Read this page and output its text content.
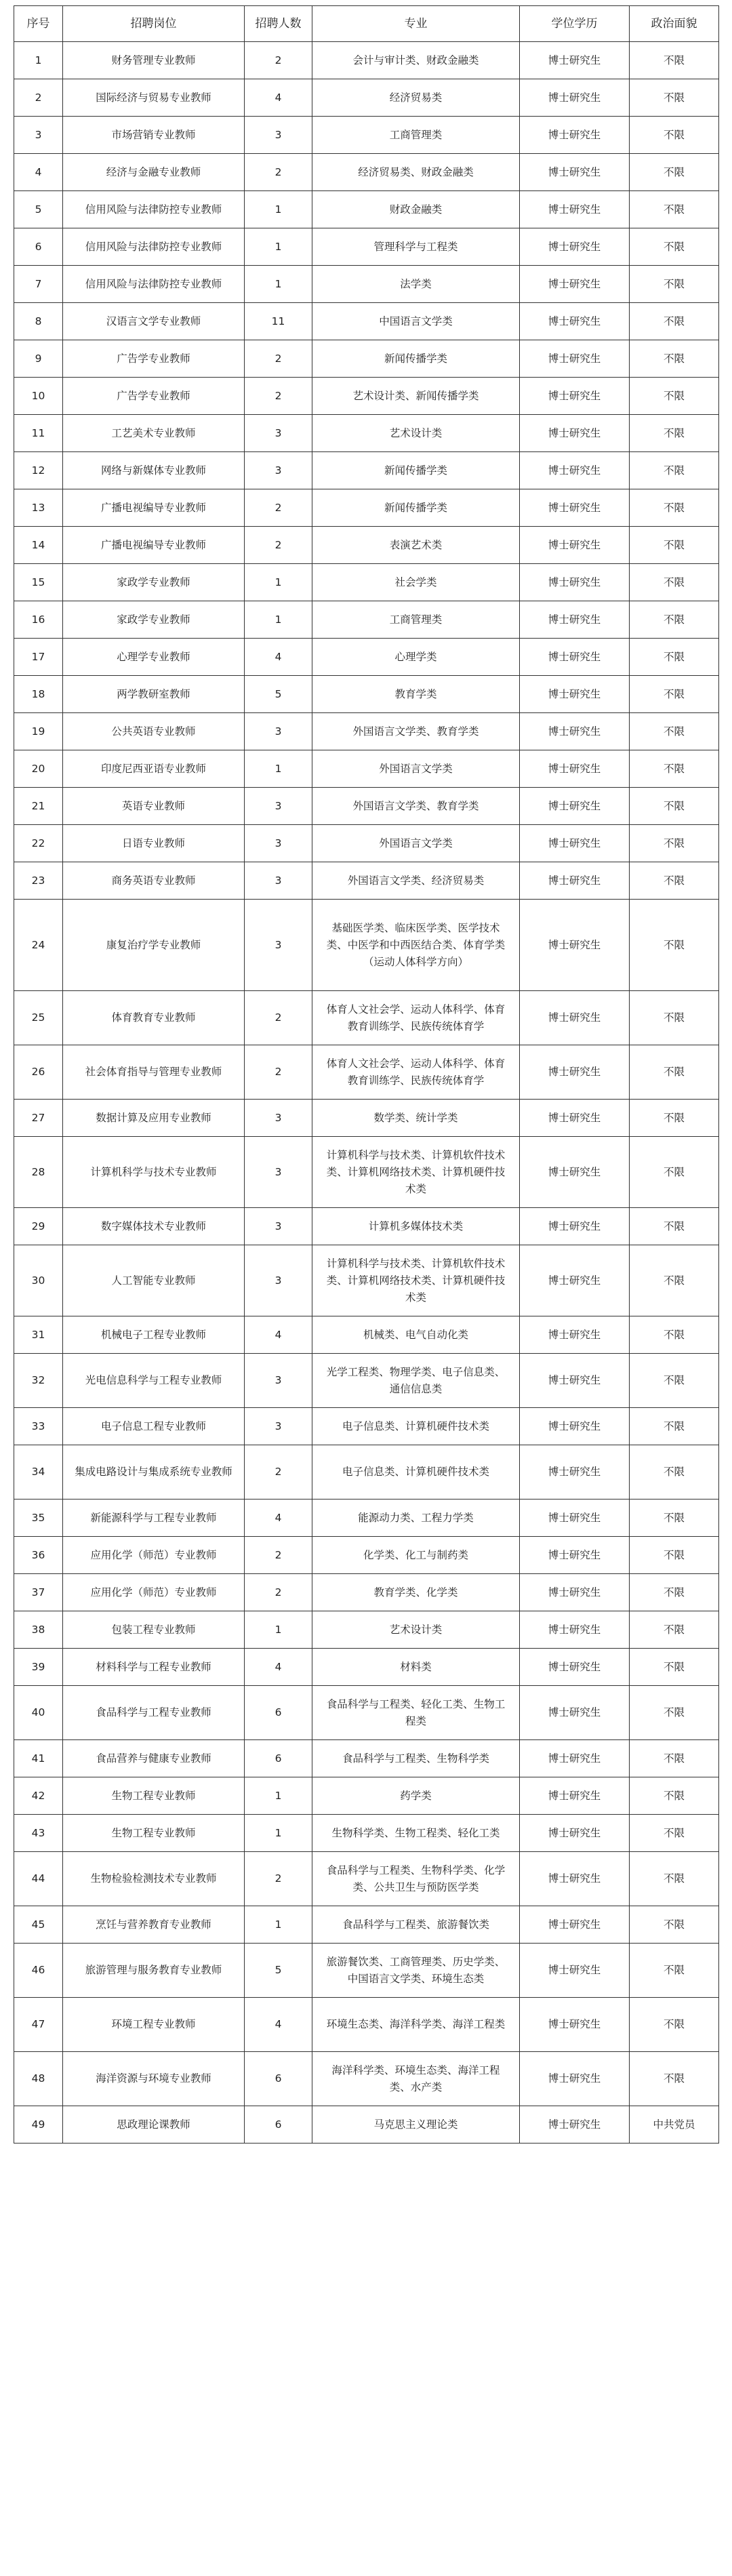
序号	招聘岗位	招聘人数	专业	学位学历	政治面貌
1	财务管理专业教师	2	会计与审计类、财政金融类	博士研究生	不限
2	国际经济与贸易专业教师	4	经济贸易类	博士研究生	不限
3	市场营销专业教师	3	工商管理类	博士研究生	不限
4	经济与金融专业教师	2	经济贸易类、财政金融类	博士研究生	不限
5	信用风险与法律防控专业教师	1	财政金融类	博士研究生	不限
6	信用风险与法律防控专业教师	1	管理科学与工程类	博士研究生	不限
7	信用风险与法律防控专业教师	1	法学类	博士研究生	不限
8	汉语言文学专业教师	11	中国语言文学类	博士研究生	不限
9	广告学专业教师	2	新闻传播学类	博士研究生	不限
10	广告学专业教师	2	艺术设计类、新闻传播学类	博士研究生	不限
11	工艺美术专业教师	3	艺术设计类	博士研究生	不限
12	网络与新媒体专业教师	3	新闻传播学类	博士研究生	不限
13	广播电视编导专业教师	2	新闻传播学类	博士研究生	不限
14	广播电视编导专业教师	2	表演艺术类	博士研究生	不限
15	家政学专业教师	1	社会学类	博士研究生	不限
16	家政学专业教师	1	工商管理类	博士研究生	不限
17	心理学专业教师	4	心理学类	博士研究生	不限
18	两学教研室教师	5	教育学类	博士研究生	不限
19	公共英语专业教师	3	外国语言文学类、教育学类	博士研究生	不限
20	印度尼西亚语专业教师	1	外国语言文学类	博士研究生	不限
21	英语专业教师	3	外国语言文学类、教育学类	博士研究生	不限
22	日语专业教师	3	外国语言文学类	博士研究生	不限
23	商务英语专业教师	3	外国语言文学类、经济贸易类	博士研究生	不限
24	康复治疗学专业教师	3	基础医学类、临床医学类、医学技术类、中医学和中西医结合类、体育学类（运动人体科学方向）	博士研究生	不限
25	体育教育专业教师	2	体育人文社会学、运动人体科学、体育教育训练学、民族传统体育学	博士研究生	不限
26	社会体育指导与管理专业教师	2	体育人文社会学、运动人体科学、体育教育训练学、民族传统体育学	博士研究生	不限
27	数据计算及应用专业教师	3	数学类、统计学类	博士研究生	不限
28	计算机科学与技术专业教师	3	计算机科学与技术类、计算机软件技术类、计算机网络技术类、计算机硬件技术类	博士研究生	不限
29	数字媒体技术专业教师	3	计算机多媒体技术类	博士研究生	不限
30	人工智能专业教师	3	计算机科学与技术类、计算机软件技术类、计算机网络技术类、计算机硬件技术类	博士研究生	不限
31	机械电子工程专业教师	4	机械类、电气自动化类	博士研究生	不限
32	光电信息科学与工程专业教师	3	光学工程类、物理学类、电子信息类、通信信息类	博士研究生	不限
33	电子信息工程专业教师	3	电子信息类、计算机硬件技术类	博士研究生	不限
34	集成电路设计与集成系统专业教师	2	电子信息类、计算机硬件技术类	博士研究生	不限
35	新能源科学与工程专业教师	4	能源动力类、工程力学类	博士研究生	不限
36	应用化学（师范）专业教师	2	化学类、化工与制药类	博士研究生	不限
37	应用化学（师范）专业教师	2	教育学类、化学类	博士研究生	不限
38	包装工程专业教师	1	艺术设计类	博士研究生	不限
39	材料科学与工程专业教师	4	材料类	博士研究生	不限
40	食品科学与工程专业教师	6	食品科学与工程类、轻化工类、生物工程类	博士研究生	不限
41	食品营养与健康专业教师	6	食品科学与工程类、生物科学类	博士研究生	不限
42	生物工程专业教师	1	药学类	博士研究生	不限
43	生物工程专业教师	1	生物科学类、生物工程类、轻化工类	博士研究生	不限
44	生物检验检测技术专业教师	2	食品科学与工程类、生物科学类、化学类、公共卫生与预防医学类	博士研究生	不限
45	烹饪与营养教育专业教师	1	食品科学与工程类、旅游餐饮类	博士研究生	不限
46	旅游管理与服务教育专业教师	5	旅游餐饮类、工商管理类、历史学类、中国语言文学类、环境生态类	博士研究生	不限
47	环境工程专业教师	4	环境生态类、海洋科学类、海洋工程类	博士研究生	不限
48	海洋资源与环境专业教师	6	海洋科学类、环境生态类、海洋工程类、水产类	博士研究生	不限
49	思政理论课教师	6	马克思主义理论类	博士研究生	中共党员
